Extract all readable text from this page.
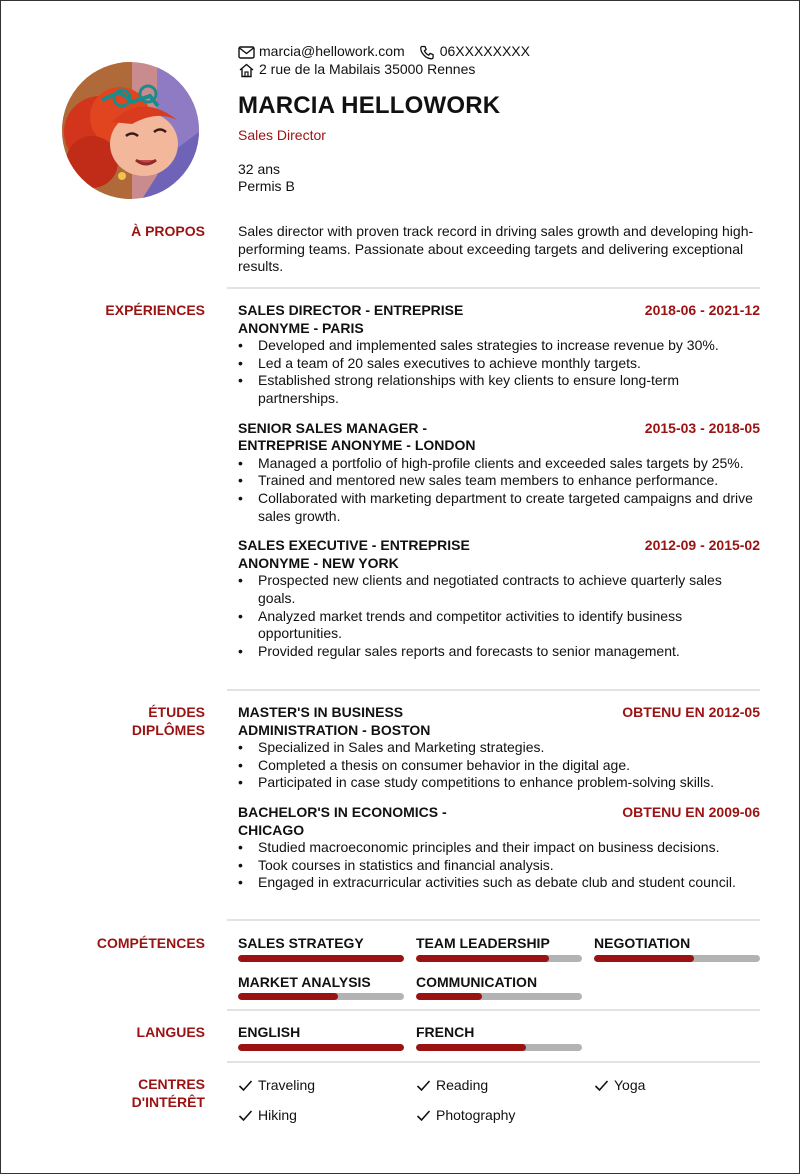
marcia@hellowork.com	06XXXXXXXX
2 rue de la Mabilais 35000 Rennes
MARCIA HELLOWORK
Sales Director
32 ans
Permis B
À PROPOS Sales director with proven track record in driving sales growth and developing high-performing teams. Passionate about exceeding targets and delivering exceptional results.
EXPÉRIENCES SALES DIRECTOR - ENTREPRISE ANONYME - PARIS
2018-06 - 2021-12
• Developed and implemented sales strategies to increase revenue by 30%.
• Led a team of 20 sales executives to achieve monthly targets.
• Established strong relationships with key clients to ensure long-term partnerships.
SENIOR SALES MANAGER - ENTREPRISE ANONYME - LONDON
2015-03 - 2018-05
• Managed a portfolio of high-profile clients and exceeded sales targets by 25%.
• Trained and mentored new sales team members to enhance performance.
• Collaborated with marketing department to create targeted campaigns and drive sales growth.
SALES EXECUTIVE - ENTREPRISE ANONYME - NEW YORK
2012-09 - 2015-02
• Prospected new clients and negotiated contracts to achieve quarterly sales goals.
• Analyzed market trends and competitor activities to identify business opportunities.
• Provided regular sales reports and forecasts to senior management.
ÉTUDES
DIPLÔMES
MASTER'S IN BUSINESS ADMINISTRATION - BOSTON
OBTENU EN 2012-05
• Specialized in Sales and Marketing strategies.
• Completed a thesis on consumer behavior in the digital age.
• Participated in case study competitions to enhance problem-solving skills.
BACHELOR'S IN ECONOMICS - CHICAGO
OBTENU EN 2009-06
• Studied macroeconomic principles and their impact on business decisions.
• Took courses in statistics and financial analysis.
• Engaged in extracurricular activities such as debate club and student council.
COMPÉTENCES SALES STRATEGY	TEAM LEADERSHIP	NEGOTIATION
MARKET ANALYSIS	COMMUNICATION
LANGUES ENGLISH	FRENCH
CENTRES
D'INTÉRÊT
Traveling	Reading	Yoga
Hiking	Photography
